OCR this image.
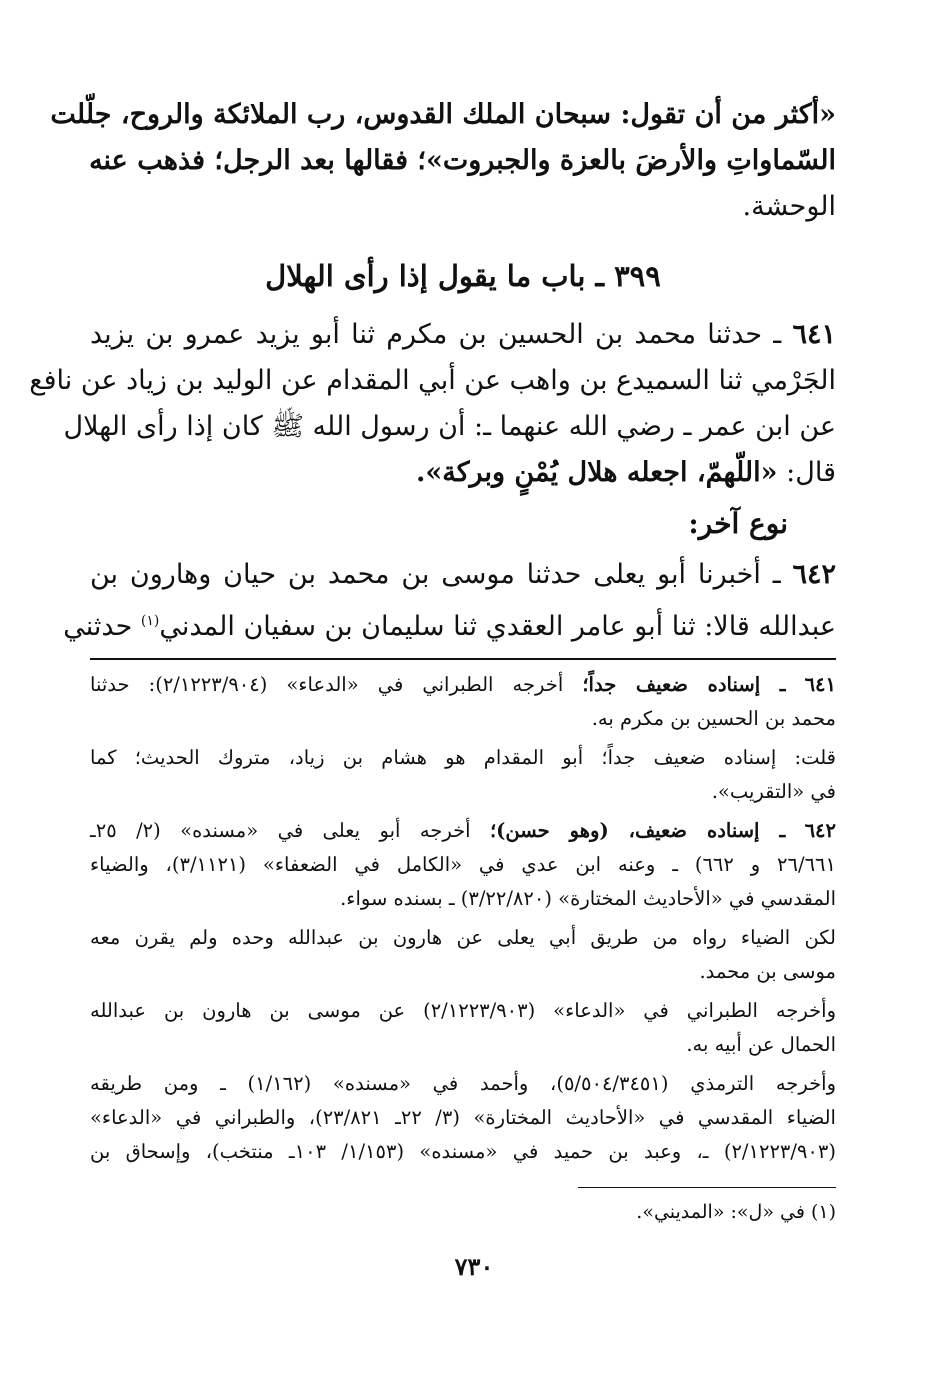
«أكثر من أن تقول: سبحان الملك القدوس، رب الملائكة والروح، جلّلت
السّماواتِ والأرضَ بالعزة والجبروت»؛ فقالها بعد الرجل؛ فذهب عنه
الوحشة.
٣٩٩ ـ باب ما يقول إذا رأى الهلال
٦٤١ ـ حدثنا محمد بن الحسين بن مكرم ثنا أبو يزيد عمرو بن يزيد
الجَرْمي ثنا السميدع بن واهب عن أبي المقدام عن الوليد بن زياد عن نافع
عن ابن عمر ـ رضي الله عنهما ـ: أن رسول الله ﷺ كان إذا رأى الهلال
قال: «اللّهمّ، اجعله هلال يُمْنٍ وبركة».
نوع آخر:
٦٤٢ ـ أخبرنا أبو يعلى حدثنا موسى بن محمد بن حيان وهارون بن
عبدالله قالا: ثنا أبو عامر العقدي ثنا سليمان بن سفيان المدني$^{(١)}$ حدثني
٦٤١ ـ إسناده ضعيف جداً؛ أخرجه الطبراني في «الدعاء» (٢/١٢٢٣/٩٠٤): حدثنا
محمد بن الحسين بن مكرم به.
قلت: إسناده ضعيف جداً؛ أبو المقدام هو هشام بن زياد، متروك الحديث؛ كما
في «التقريب».
٦٤٢ ـ إسناده ضعيف، (وهو حسن)؛ أخرجه أبو يعلى في «مسنده» (٢/ ٢٥ـ
٢٦/٦٦١ و ٦٦٢) ـ وعنه ابن عدي في «الكامل في الضعفاء» (٣/١١٢١)، والضياء
المقدسي في «الأحاديث المختارة» (٣/٢٢/٨٢٠) ـ بسنده سواء.
لكن الضياء رواه من طريق أبي يعلى عن هارون بن عبدالله وحده ولم يقرن معه
موسى بن محمد.
وأخرجه الطبراني في «الدعاء» (٢/١٢٢٣/٩٠٣) عن موسى بن هارون بن عبدالله
الحمال عن أبيه به.
وأخرجه الترمذي (٥/٥٠٤/٣٤٥١)، وأحمد في «مسنده» (١/١٦٢) ـ ومن طريقه
الضياء المقدسي في «الأحاديث المختارة» (٣/ ٢٢ـ ٢٣/٨٢١)، والطبراني في «الدعاء»
(٢/١٢٢٣/٩٠٣) ـ، وعبد بن حميد في «مسنده» (١/١٥٣/ ١٠٣ـ منتخب)، وإسحاق بن
(١) في «ل»: «المديني».
٧٣٠
